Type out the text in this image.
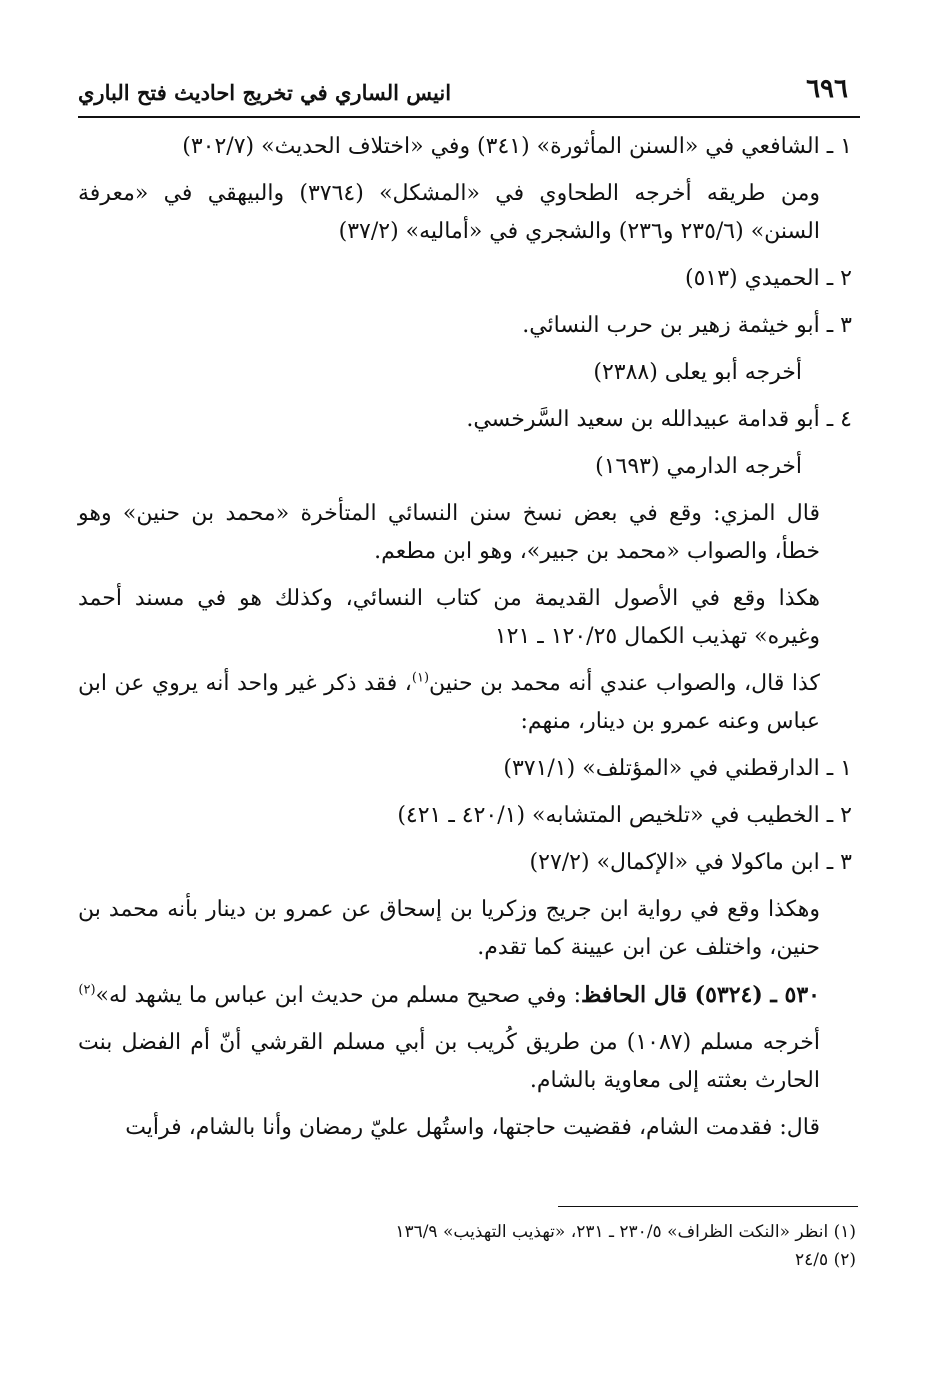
٦٩٦
انيس الساري في تخريج احاديث فتح الباري
١ ـ الشافعي في «السنن المأثورة» (٣٤١) وفي «اختلاف الحديث» (٣٠٢/٧)
ومن طريقه أخرجه الطحاوي في «المشكل» (٣٧٦٤) والبيهقي في «معرفة السنن» (٢٣٥/٦ و٢٣٦) والشجري في «أماليه» (٣٧/٢)
٢ ـ الحميدي (٥١٣)
٣ ـ أبو خيثمة زهير بن حرب النسائي.
أخرجه أبو يعلى (٢٣٨٨)
٤ ـ أبو قدامة عبيدالله بن سعيد السَّرخسي.
أخرجه الدارمي (١٦٩٣)
قال المزي: وقع في بعض نسخ سنن النسائي المتأخرة «محمد بن حنين» وهو خطأ، والصواب «محمد بن جبير»، وهو ابن مطعم.
هكذا وقع في الأصول القديمة من كتاب النسائي، وكذلك هو في مسند أحمد وغيره» تهذيب الكمال ١٢٠/٢٥ ـ ١٢١
كذا قال، والصواب عندي أنه محمد بن حنين$^{(١)}$، فقد ذكر غير واحد أنه يروي عن ابن عباس وعنه عمرو بن دينار، منهم:
١ ـ الدارقطني في «المؤتلف» (٣٧١/١)
٢ ـ الخطيب في «تلخيص المتشابه» (٤٢٠/١ ـ ٤٢١)
٣ ـ ابن ماكولا في «الإكمال» (٢٧/٢)
وهكذا وقع في رواية ابن جريج وزكريا بن إسحاق عن عمرو بن دينار بأنه محمد بن حنين، واختلف عن ابن عيينة كما تقدم.
٥٣٠ ـ (٥٣٢٤) قال الحافظ: وفي صحيح مسلم من حديث ابن عباس ما يشهد له»$^{(٢)}$
أخرجه مسلم (١٠٨٧) من طريق كُريب بن أبي مسلم القرشي أنّ أم الفضل بنت الحارث بعثته إلى معاوية بالشام.
قال: فقدمت الشام، فقضيت حاجتها، واستُهل عليّ رمضان وأنا بالشام، فرأيت
(١) انظر «النكت الظراف» ٢٣٠/٥ ـ ٢٣١، «تهذيب التهذيب» ١٣٦/٩
(٢) ٢٤/٥
